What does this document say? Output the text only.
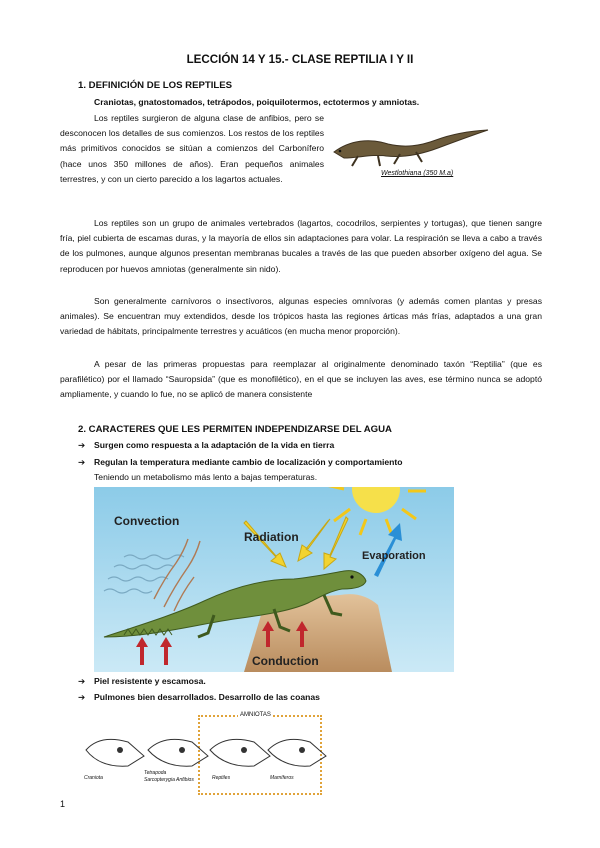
LECCIÓN 14 Y 15.- CLASE REPTILIA I Y II
1. DEFINICIÓN DE LOS REPTILES
Craniotas, gnatostomados, tetrápodos, poiquilotermos, ectotermos y amniotas.
Los reptiles surgieron de alguna clase de anfibios, pero se desconocen los detalles de sus comienzos. Los restos de los reptiles más primitivos conocidos se sitúan a comienzos del Carbonífero (hace unos 350 millones de años). Eran pequeños animales terrestres, y con un cierto parecido a los lagartos actuales.
Westlothiana (350 M.a)
Los reptiles son un grupo de animales vertebrados (lagartos, cocodrilos, serpientes y tortugas), que tienen sangre fría, piel cubierta de escamas duras, y la mayoría de ellos sin adaptaciones para volar. La respiración se lleva a cabo a través de los pulmones, aunque algunos presentan membranas bucales a través de las que pueden absorber oxígeno del agua. Se reproducen por huevos amniotas (generalmente sin nido).
Son generalmente carnívoros o insectívoros, algunas especies omnívoras (y además comen plantas y presas animales). Se encuentran muy extendidos, desde los trópicos hasta las regiones árticas más frías, adaptados a una gran variedad de hábitats, principalmente terrestres y acuáticos (en mucha menor proporción).
A pesar de las primeras propuestas para reemplazar al originalmente denominado taxón “Reptilia” (que es parafilético) por el llamado “Sauropsida” (que es monofilético), en el que se incluyen las aves, ese término nunca se adoptó ampliamente, y cuando lo fue, no se aplicó de manera consistente
2. CARACTERES QUE LES PERMITEN INDEPENDIZARSE DEL AGUA
➔ Surgen como respuesta a la adaptación de la vida en tierra
➔ Regulan la temperatura mediante cambio de localización y comportamiento
Teniendo un metabolismo más lento a bajas temperaturas.
Convection
Radiation
Evaporation
Conduction
➔ Piel resistente y escamosa.
➔ Pulmones bien desarrollados. Desarrollo de las coanas
AMNIOTAS
Craniota
Tetrapoda
Sarcopterygia Anfibios	Reptiles	Mamíferos
1
